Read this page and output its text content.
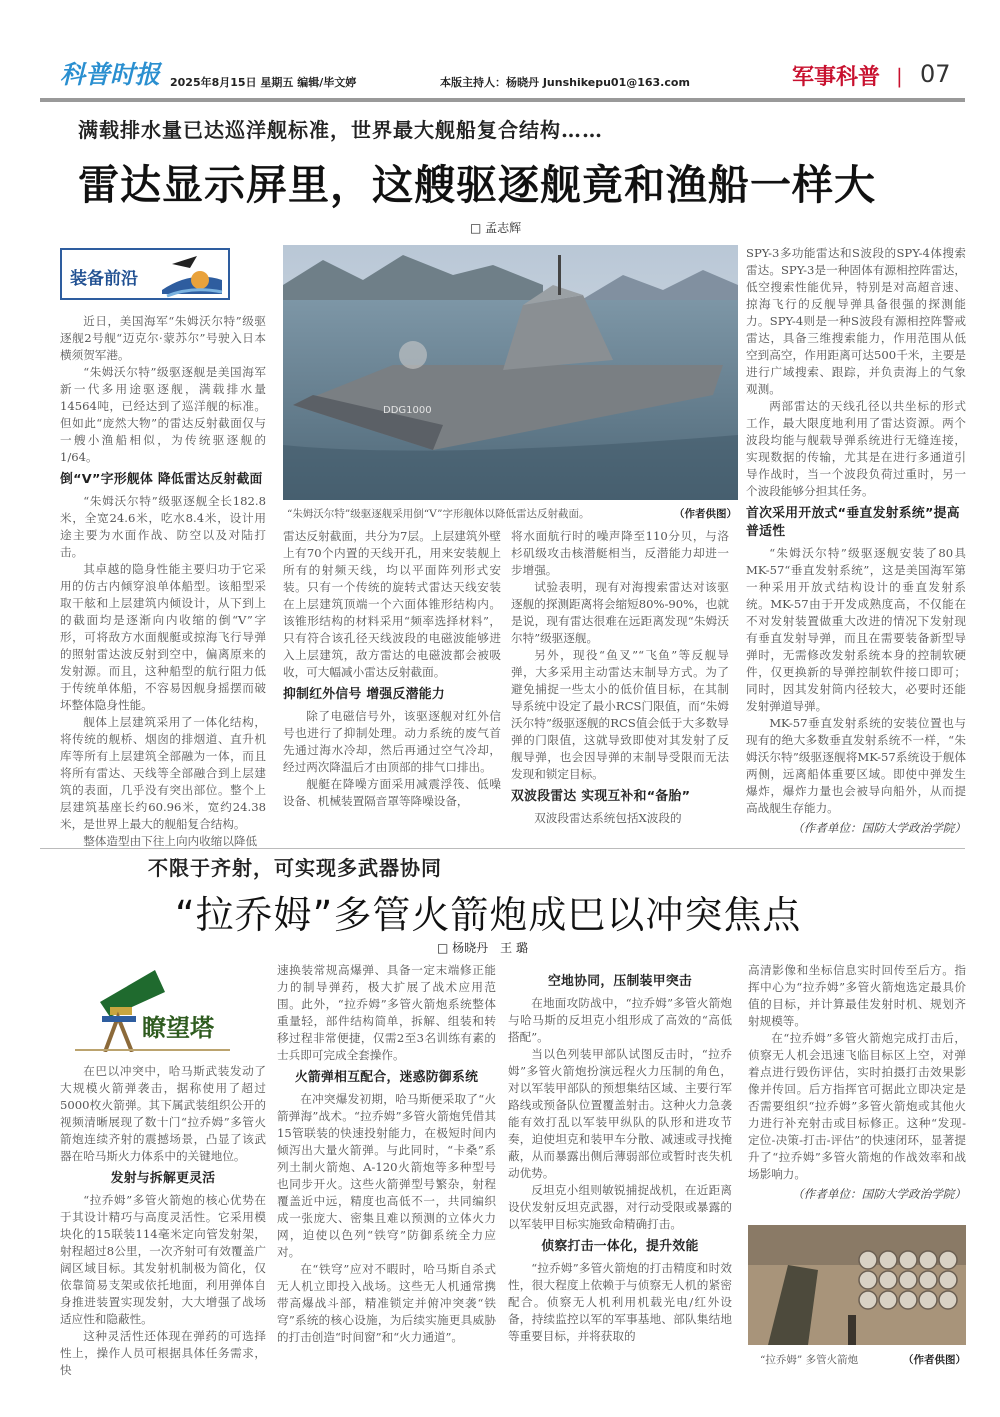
科普时报 2025年8月15日 星期五 编辑/毕文婷	本版主持人：杨晓丹 Junshikepu01@163.com	军事科普 | 07
满载排水量已达巡洋舰标准，世界最大舰船复合结构……
雷达显示屏里，这艘驱逐舰竟和渔船一样大
□ 孟志辉
装备前沿
DDG1000
“朱姆沃尔特”级驱逐舰采用倒“V”字形舰体以降低雷达反射截面。	（作者供图）

近日，美国海军“朱姆沃尔特”级驱逐舰2号舰“迈克尔·蒙苏尔”号驶入日本横须贺军港。

“朱姆沃尔特”级驱逐舰是美国海军新一代多用途驱逐舰，满载排水量14564吨，已经达到了巡洋舰的标准。但如此“庞然大物”的雷达反射截面仅与一艘小渔船相似，为传统驱逐舰的1/64。

倒“V”字形舰体 降低雷达反射截面

“朱姆沃尔特”级驱逐舰全长182.8米，全宽24.6米，吃水8.4米，设计用途主要为水面作战、防空以及对陆打击。

其卓越的隐身性能主要归功于它采用的仿古内倾穿浪单体船型。该船型采取干舷和上层建筑内倾设计，从下到上的截面均是逐渐向内收缩的倒“V”字形，可将敌方水面舰艇或掠海飞行导弹的照射雷达波反射到空中，偏离原来的发射源。而且，这种船型的航行阻力低于传统单体船，不容易因舰身摇摆而破坏整体隐身性能。

舰体上层建筑采用了一体化结构，将传统的舰桥、烟囱的排烟道、直升机库等所有上层建筑全部融为一体，而且将所有雷达、天线等全部融合到上层建筑的表面，几乎没有突出部位。整个上层建筑基座长约60.96米，宽约24.38米，是世界上最大的舰船复合结构。

整体造型由下往上向内收缩以降低

雷达反射截面，共分为7层。上层建筑外壁上有70个内置的天线开孔，用来安装舰上所有的射频天线，均以平面阵列形式安装。只有一个传统的旋转式雷达天线安装在上层建筑顶端一个六面体锥形结构内。该锥形结构的材料采用“频率选择材料”，只有符合该孔径天线波段的电磁波能够进入上层建筑，敌方雷达的电磁波都会被吸收，可大幅减小雷达反射截面。

抑制红外信号 增强反潜能力

除了电磁信号外，该驱逐舰对红外信号也进行了抑制处理。动力系统的废气首先通过海水冷却，然后再通过空气冷却，经过两次降温后才由顶部的排气口排出。

舰艇在降噪方面采用减震浮筏、低噪设备、机械装置隔音罩等降噪设备，

将水面航行时的噪声降至110分贝，与洛杉矶级攻击核潜艇相当，反潜能力却进一步增强。

试验表明，现有对海搜索雷达对该驱逐舰的探测距离将会缩短80%-90%，也就是说，现有雷达很难在远距离发现“朱姆沃尔特”级驱逐舰。

另外，现役“鱼叉”“飞鱼”等反舰导弹，大多采用主动雷达末制导方式。为了避免捕捉一些太小的低价值目标，在其制导系统中设定了最小RCS门限值，而“朱姆沃尔特”级驱逐舰的RCS值会低于大多数导弹的门限值，这就导致即使对其发射了反舰导弹，也会因导弹的末制导受限而无法发现和锁定目标。

双波段雷达 实现互补和“备胎”

双波段雷达系统包括X波段的

SPY-3多功能雷达和S波段的SPY-4体搜索雷达。SPY-3是一种固体有源相控阵雷达，低空搜索性能优异，特别是对高超音速、掠海飞行的反舰导弹具备很强的探测能力。SPY-4则是一种S波段有源相控阵警戒雷达，具备三维搜索能力，作用范围从低空到高空，作用距离可达500千米，主要是进行广域搜索、跟踪，并负责海上的气象观测。

两部雷达的天线孔径以共坐标的形式工作，最大限度地利用了雷达资源。两个波段均能与舰载导弹系统进行无缝连接，实现数据的传输，尤其是在进行多通道引导作战时，当一个波段负荷过重时，另一个波段能够分担其任务。

首次采用开放式“垂直发射系统”提高普适性

“朱姆沃尔特”级驱逐舰安装了80具MK-57“垂直发射系统”，这是美国海军第一种采用开放式结构设计的垂直发射系统。MK-57由于开发成熟度高，不仅能在不对发射装置做重大改进的情况下发射现有垂直发射导弹，而且在需要装备新型导弹时，无需修改发射系统本身的控制软硬件，仅更换新的导弹控制软件接口即可；同时，因其发射筒内径较大，必要时还能发射弹道导弹。

MK-57垂直发射系统的安装位置也与现有的绝大多数垂直发射系统不一样，“朱姆沃尔特”级驱逐舰将MK-57系统设于舰体两侧，远离船体重要区域。即使中弹发生爆炸，爆炸力量也会被导向船外，从而提高战舰生存能力。

（作者单位：国防大学政治学院）
不限于齐射，可实现多武器协同
“拉乔姆”多管火箭炮成巴以冲突焦点
□ 杨晓丹　王 璐
瞭望塔

在巴以冲突中，哈马斯武装发动了大规模火箭弹袭击，据称使用了超过5000枚火箭弹。其下属武装组织公开的视频清晰展现了数十门“拉乔姆”多管火箭炮连续齐射的震撼场景，凸显了该武器在哈马斯火力体系中的关键地位。

发射与拆解更灵活

“拉乔姆”多管火箭炮的核心优势在于其设计精巧与高度灵活性。它采用模块化的15联装114毫米定向管发射架，射程超过8公里，一次齐射可有效覆盖广阔区域目标。其发射机制极为简化，仅依靠简易支架或依托地面，利用弹体自身推进装置实现发射，大大增强了战场适应性和隐蔽性。

这种灵活性还体现在弹药的可选择性上，操作人员可根据具体任务需求，快

速换装常规高爆弹、具备一定末端修正能力的制导弹药，极大扩展了战术应用范围。此外，“拉乔姆”多管火箭炮系统整体重量轻，部件结构简单，拆解、组装和转移过程非常便捷，仅需2至3名训练有素的士兵即可完成全套操作。

火箭弹相互配合，迷惑防御系统

在冲突爆发初期，哈马斯便采取了“火箭弹海”战术。“拉乔姆”多管火箭炮凭借其15管联装的快速投射能力，在极短时间内倾泻出大量火箭弹。与此同时，“卡桑”系列土制火箭炮、A-120火箭炮等多种型号也同步开火。这些火箭弹型号繁杂，射程覆盖近中远，精度也高低不一，共同编织成一张庞大、密集且难以预测的立体火力网，迫使以色列“铁穹”防御系统全力应对。

在“铁穹”应对不暇时，哈马斯自杀式无人机立即投入战场。这些无人机通常携带高爆战斗部，精准锁定并俯冲突袭“铁穹”系统的核心设施，为后续实施更具威胁的打击创造“时间窗”和“火力通道”。

空地协同，压制装甲突击

在地面攻防战中，“拉乔姆”多管火箭炮与哈马斯的反坦克小组形成了高效的“高低搭配”。

当以色列装甲部队试图反击时，“拉乔姆”多管火箭炮扮演远程火力压制的角色，对以军装甲部队的预想集结区域、主要行军路线或预备队位置覆盖射击。这种火力急袭能有效打乱以军装甲纵队的队形和进攻节奏，迫使坦克和装甲车分散、减速或寻找掩蔽，从而暴露出侧后薄弱部位或暂时丧失机动优势。

反坦克小组则敏锐捕捉战机，在近距离设伏发射反坦克武器，对行动受限或暴露的以军装甲目标实施致命精确打击。

侦察打击一体化，提升效能

“拉乔姆”多管火箭炮的打击精度和时效性，很大程度上依赖于与侦察无人机的紧密配合。侦察无人机利用机载光电/红外设备，持续监控以军的军事基地、部队集结地等重要目标，并将获取的

高清影像和坐标信息实时回传至后方。指挥中心为“拉乔姆”多管火箭炮选定最具价值的目标，并计算最佳发射时机、规划齐射规模等。

在“拉乔姆”多管火箭炮完成打击后，侦察无人机会迅速飞临目标区上空，对弹着点进行毁伤评估，实时拍摄打击效果影像并传回。后方指挥官可据此立即决定是否需要组织“拉乔姆”多管火箭炮或其他火力进行补充射击或目标修正。这种“发现-定位-决策-打击-评估”的快速闭环，显著提升了“拉乔姆”多管火箭炮的作战效率和战场影响力。

（作者单位：国防大学政治学院）
“拉乔姆” 多管火箭炮	（作者供图）
